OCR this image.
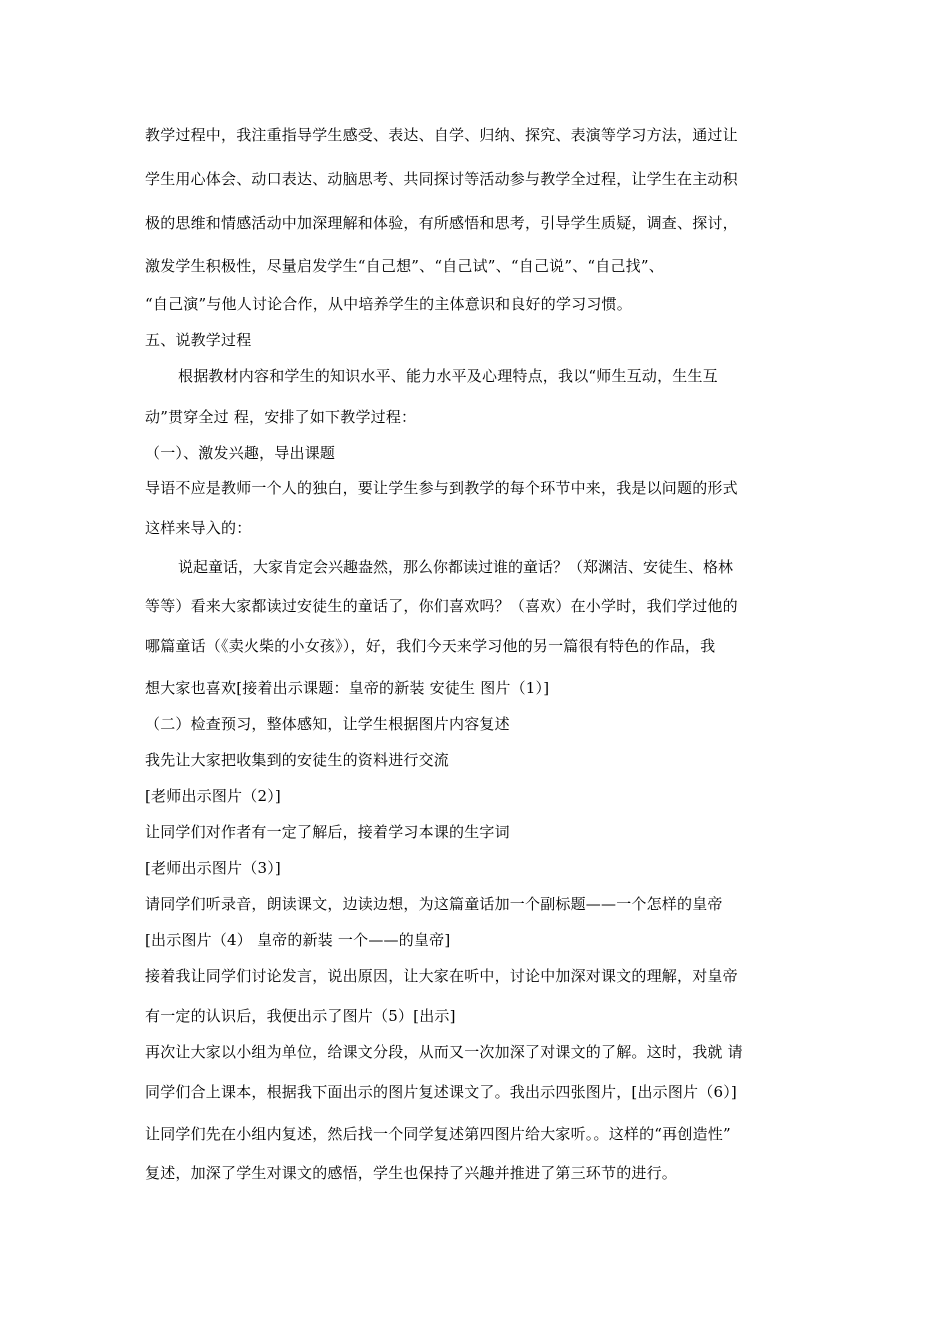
教学过程中，我注重指导学生感受、表达、自学、归纳、探究、表演等学习方法，通过让
学生用心体会、动口表达、动脑思考、共同探讨等活动参与教学全过程，让学生在主动积
极的思维和情感活动中加深理解和体验，有所感悟和思考，引导学生质疑，调查、探讨，
激发学生积极性，尽量启发学生“自己想”、“自己试”、“自己说”、“自己找”、
“自己演”与他人讨论合作，从中培养学生的主体意识和良好的学习习惯。
五、说教学过程
根据教材内容和学生的知识水平、能力水平及心理特点，我以“师生互动，生生互
动”贯穿全过 程，安排了如下教学过程：
（一）、激发兴趣，导出课题
导语不应是教师一个人的独白，要让学生参与到教学的每个环节中来，我是以问题的形式
这样来导入的：
说起童话，大家肯定会兴趣盎然，那么你都读过谁的童话？（郑渊洁、安徒生、格林
等等）看来大家都读过安徒生的童话了，你们喜欢吗？（喜欢）在小学时，我们学过他的
哪篇童话（《卖火柴的小女孩》），好，我们今天来学习他的另一篇很有特色的作品，我
想大家也喜欢[接着出示课题：皇帝的新装 安徒生 图片（1）]
（二）检查预习，整体感知，让学生根据图片内容复述
我先让大家把收集到的安徒生的资料进行交流
[老师出示图片（2）]
让同学们对作者有一定了解后，接着学习本课的生字词
[老师出示图片（3）]
请同学们听录音，朗读课文，边读边想，为这篇童话加一个副标题——一个怎样的皇帝
[出示图片（4） 皇帝的新装 一个——的皇帝]
接着我让同学们讨论发言，说出原因，让大家在听中，讨论中加深对课文的理解，对皇帝
有一定的认识后，我便出示了图片（5）[出示]
再次让大家以小组为单位，给课文分段，从而又一次加深了对课文的了解。这时，我就 请
同学们合上课本，根据我下面出示的图片复述课文了。我出示四张图片，[出示图片（6）]
让同学们先在小组内复述，然后找一个同学复述第四图片给大家听。。这样的“再创造性”
复述，加深了学生对课文的感悟，学生也保持了兴趣并推进了第三环节的进行。
